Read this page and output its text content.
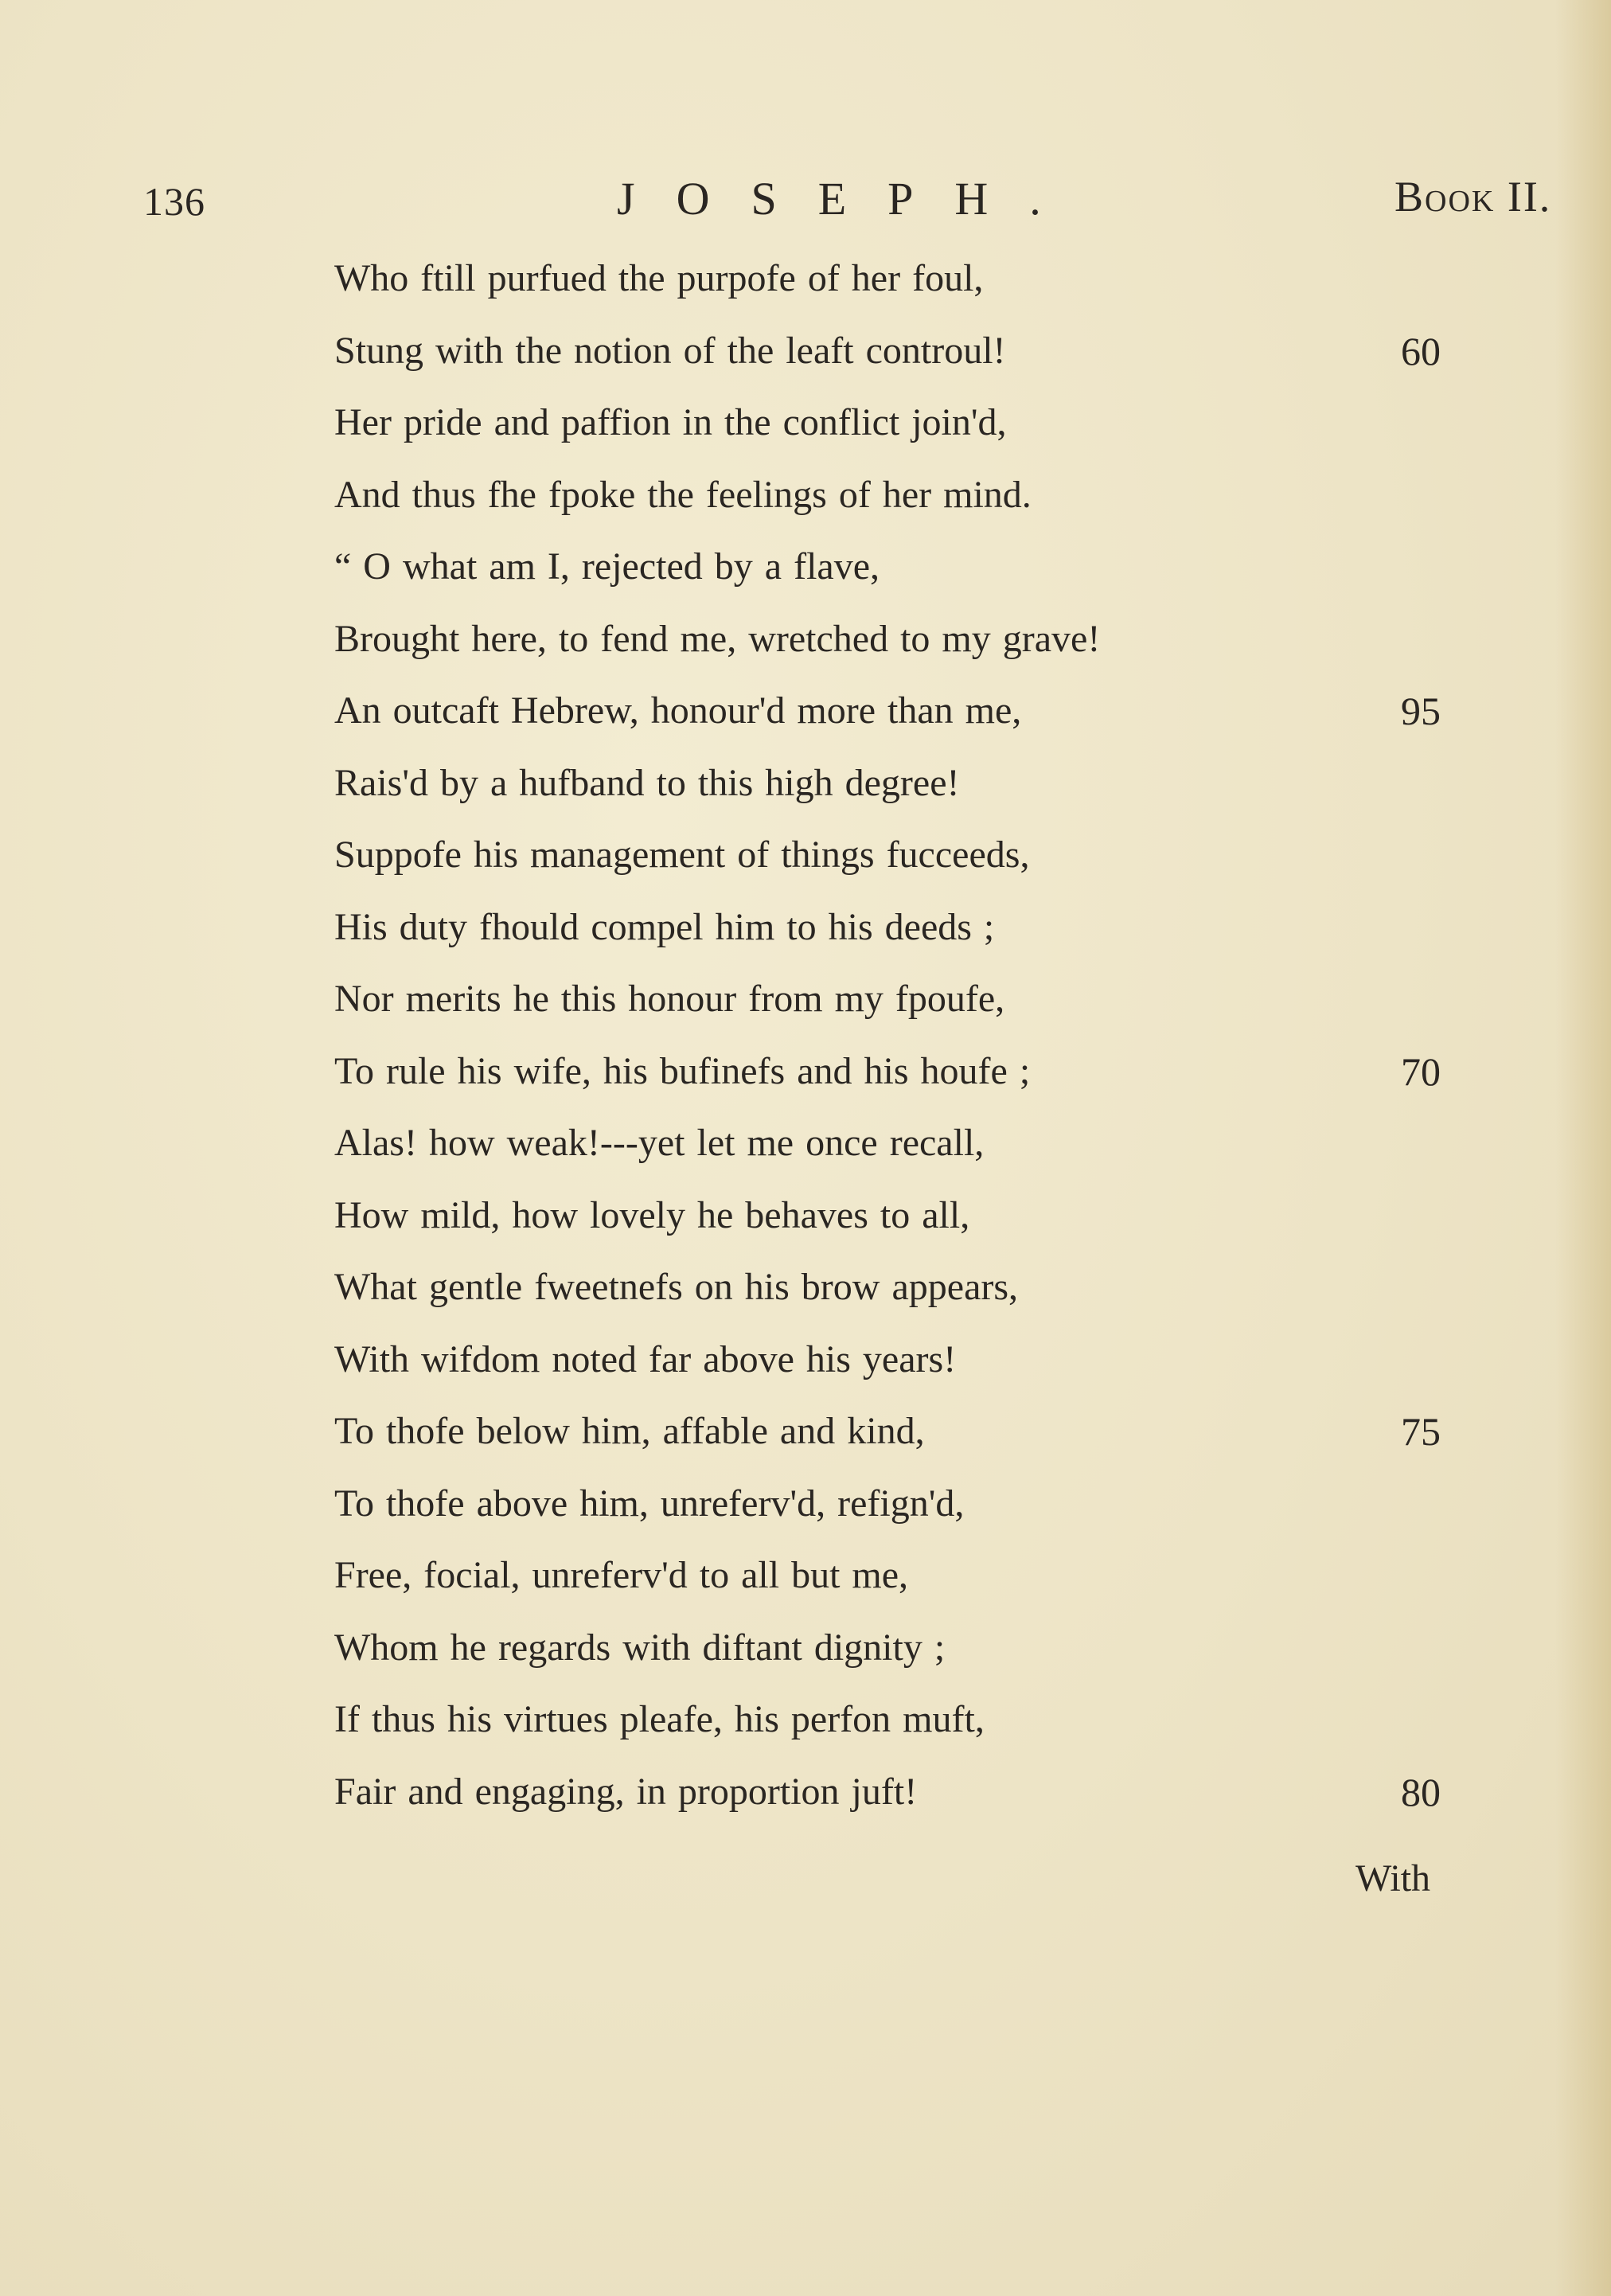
136	JOSEPH.	Book II.
Who ftill purfued the purpofe of her foul,
Stung with the notion of the leaft controul!	60
Her pride and paffion in the conflict join'd,
And thus fhe fpoke the feelings of her mind.
“ O what am I, rejected by a flave,
Brought here, to fend me, wretched to my grave!
An outcaft Hebrew, honour'd more than me,	95
Rais'd by a hufband to this high degree!
Suppofe his management of things fucceeds,
His duty fhould compel him to his deeds ;
Nor merits he this honour from my fpoufe,
To rule his wife, his bufinefs and his houfe ;	70
Alas! how weak!---yet let me once recall,
How mild, how lovely he behaves to all,
What gentle fweetnefs on his brow appears,
With wifdom noted far above his years!
To thofe below him, affable and kind,	75
To thofe above him, unreferv'd, refign'd,
Free, focial, unreferv'd to all but me,
Whom he regards with diftant dignity ;
If thus his virtues pleafe, his perfon muft,
Fair and engaging, in proportion juft!	80
With
